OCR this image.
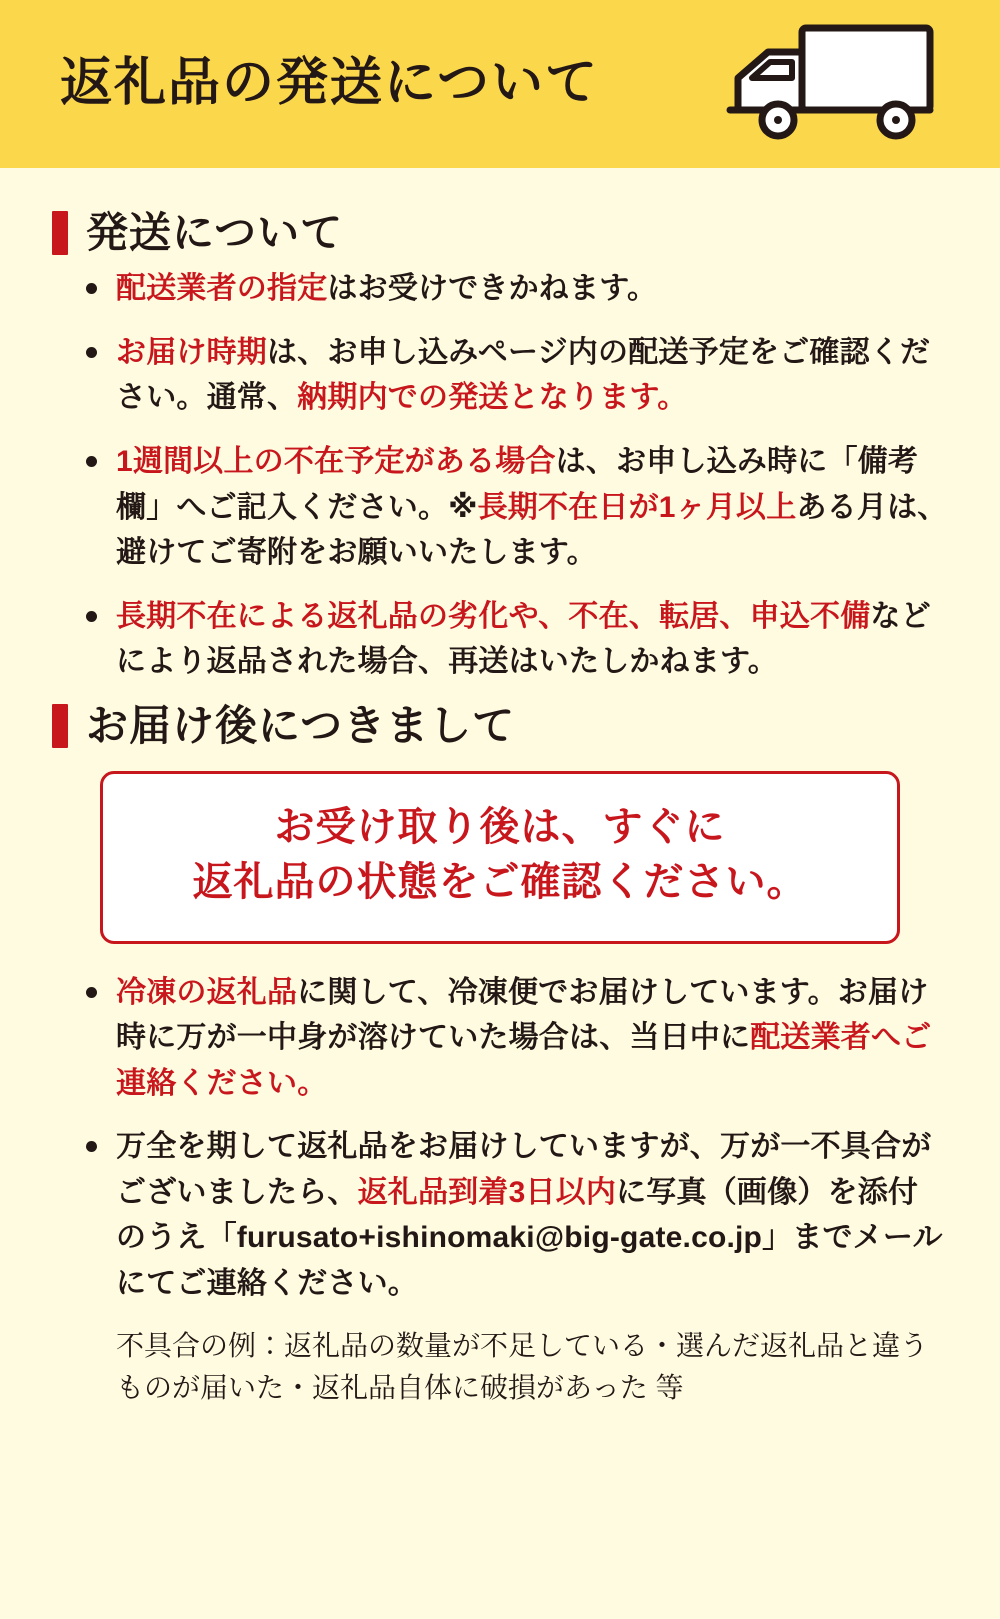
返礼品の発送について
発送について
配送業者の指定はお受けできかねます。
お届け時期は、お申し込みページ内の配送予定をご確認ください。通常、納期内での発送となります。
1週間以上の不在予定がある場合は、お申し込み時に「備考欄」へご記入ください。※長期不在日が1ヶ月以上ある月は、避けてご寄附をお願いいたします。
長期不在による返礼品の劣化や、不在、転居、申込不備などにより返品された場合、再送はいたしかねます。
お届け後につきまして
お受け取り後は、すぐに
返礼品の状態をご確認ください。
冷凍の返礼品に関して、冷凍便でお届けしています。お届け時に万が一中身が溶けていた場合は、当日中に配送業者へご連絡ください。
万全を期して返礼品をお届けしていますが、万が一不具合がございましたら、返礼品到着3日以内に写真（画像）を添付のうえ「furusato+ishinomaki@big-gate.co.jp」までメールにてご連絡ください。
不具合の例：返礼品の数量が不足している・選んだ返礼品と違うものが届いた・返礼品自体に破損があった 等
